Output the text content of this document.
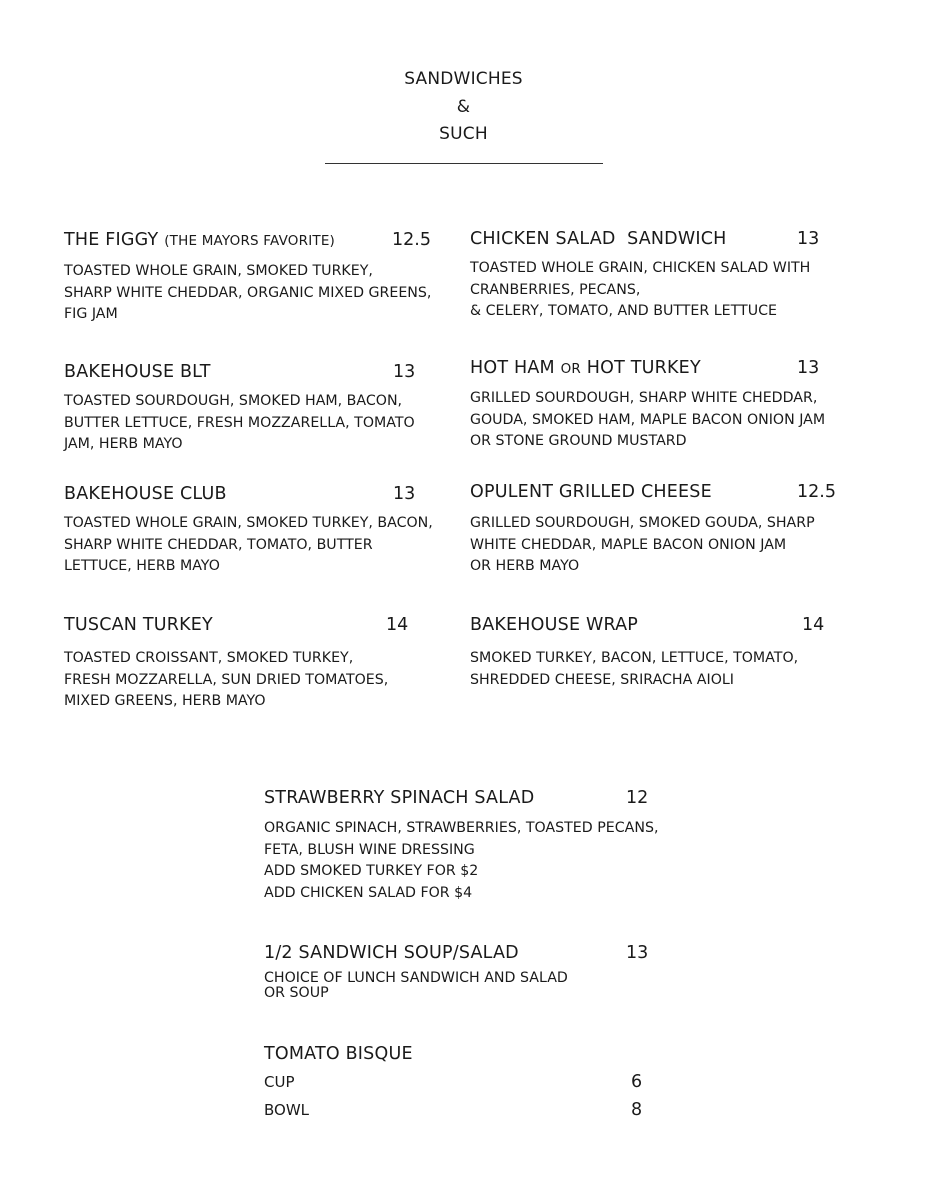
SANDWICHES
&
SUCH
THE FIGGY (THE MAYORS FAVORITE)	12.5
TOASTED WHOLE GRAIN, SMOKED TURKEY,
SHARP WHITE CHEDDAR, ORGANIC MIXED GREENS,
FIG JAM
CHICKEN SALAD  SANDWICH	13
TOASTED WHOLE GRAIN, CHICKEN SALAD WITH
CRANBERRIES, PECANS,
& CELERY, TOMATO, AND BUTTER LETTUCE
BAKEHOUSE BLT	13
TOASTED SOURDOUGH, SMOKED HAM, BACON,
BUTTER LETTUCE, FRESH MOZZARELLA, TOMATO
JAM, HERB MAYO
HOT HAM OR HOT TURKEY	13
GRILLED SOURDOUGH, SHARP WHITE CHEDDAR,
GOUDA, SMOKED HAM, MAPLE BACON ONION JAM
OR STONE GROUND MUSTARD
BAKEHOUSE CLUB	13
TOASTED WHOLE GRAIN, SMOKED TURKEY, BACON,
SHARP WHITE CHEDDAR, TOMATO, BUTTER
LETTUCE, HERB MAYO
OPULENT GRILLED CHEESE	12.5
GRILLED SOURDOUGH, SMOKED GOUDA, SHARP
WHITE CHEDDAR, MAPLE BACON ONION JAM
OR HERB MAYO
TUSCAN TURKEY	14
TOASTED CROISSANT, SMOKED TURKEY,
FRESH MOZZARELLA, SUN DRIED TOMATOES,
MIXED GREENS, HERB MAYO
BAKEHOUSE WRAP	14
SMOKED TURKEY, BACON, LETTUCE, TOMATO,
SHREDDED CHEESE, SRIRACHA AIOLI
STRAWBERRY SPINACH SALAD	12
ORGANIC SPINACH, STRAWBERRIES, TOASTED PECANS,
FETA, BLUSH WINE DRESSING
ADD SMOKED TURKEY FOR $2
ADD CHICKEN SALAD FOR $4
1/2 SANDWICH SOUP/SALAD	13
CHOICE OF LUNCH SANDWICH AND SALAD
OR SOUP
TOMATO BISQUE
CUP	6
BOWL	8
